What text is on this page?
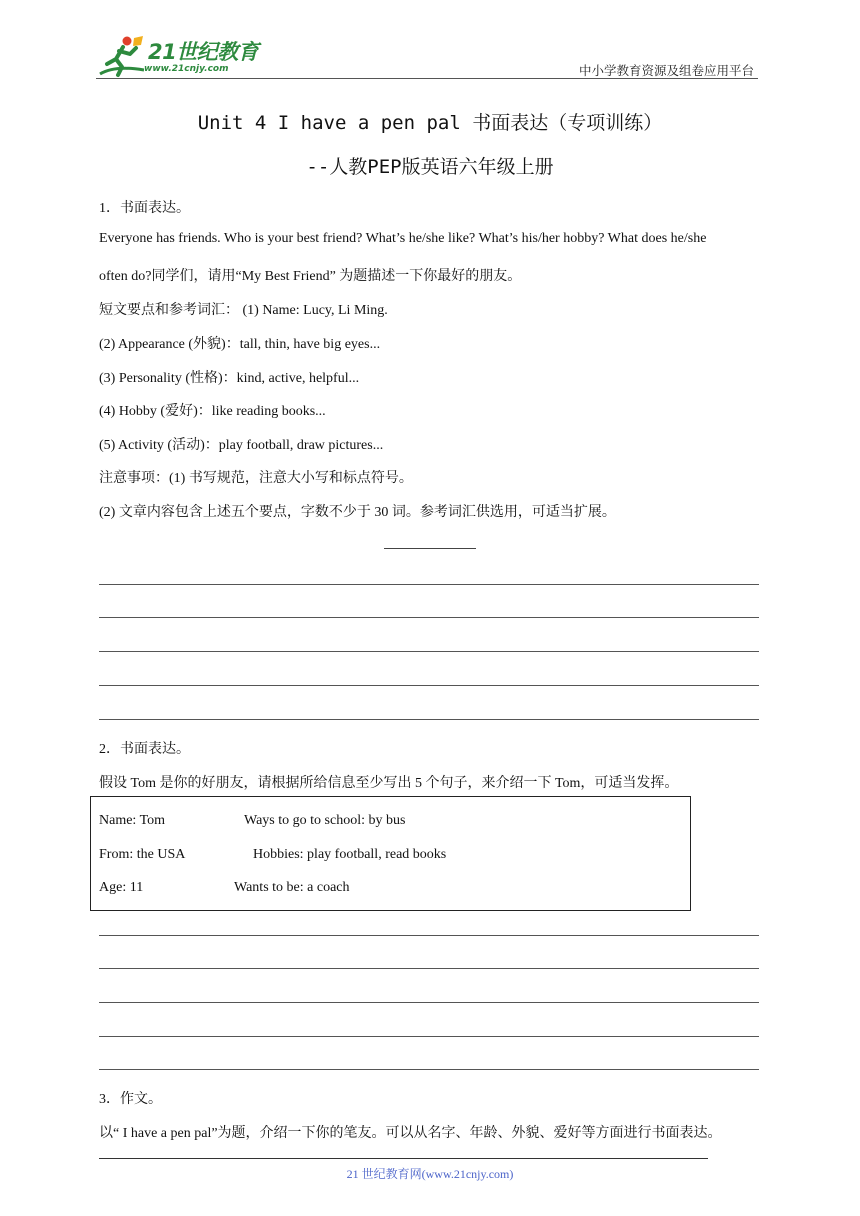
21世纪教育
www.21cnjy.com	中小学教育资源及组卷应用平台
Unit 4 I have a pen pal 书面表达（专项训练）
--人教PEP版英语六年级上册
1．书面表达。
Everyone has friends. Who is your best friend? What’s he/she like? What’s his/her hobby? What does he/she
often do?同学们，请用“My Best Friend” 为题描述一下你最好的朋友。
短文要点和参考词汇： (1) Name: Lucy, Li Ming.
(2) Appearance (外貌)：tall, thin, have big eyes...
(3) Personality (性格)：kind, active, helpful...
(4) Hobby (爱好)：like reading books...
(5) Activity (活动)：play football, draw pictures...
注意事项：(1) 书写规范，注意大小写和标点符号。
(2) 文章内容包含上述五个要点，字数不少于 30 词。参考词汇供选用，可适当扩展。
2．书面表达。
假设 Tom 是你的好朋友，请根据所给信息至少写出 5 个句子，来介绍一下 Tom，可适当发挥。
Name: Tom	Ways to go to school: by bus
From: the USA	Hobbies: play football, read books
Age: 11	Wants to be: a coach
3．作文。
以“ I have a pen pal”为题，介绍一下你的笔友。可以从名字、年龄、外貌、爱好等方面进行书面表达。
21 世纪教育网(www.21cnjy.com)
